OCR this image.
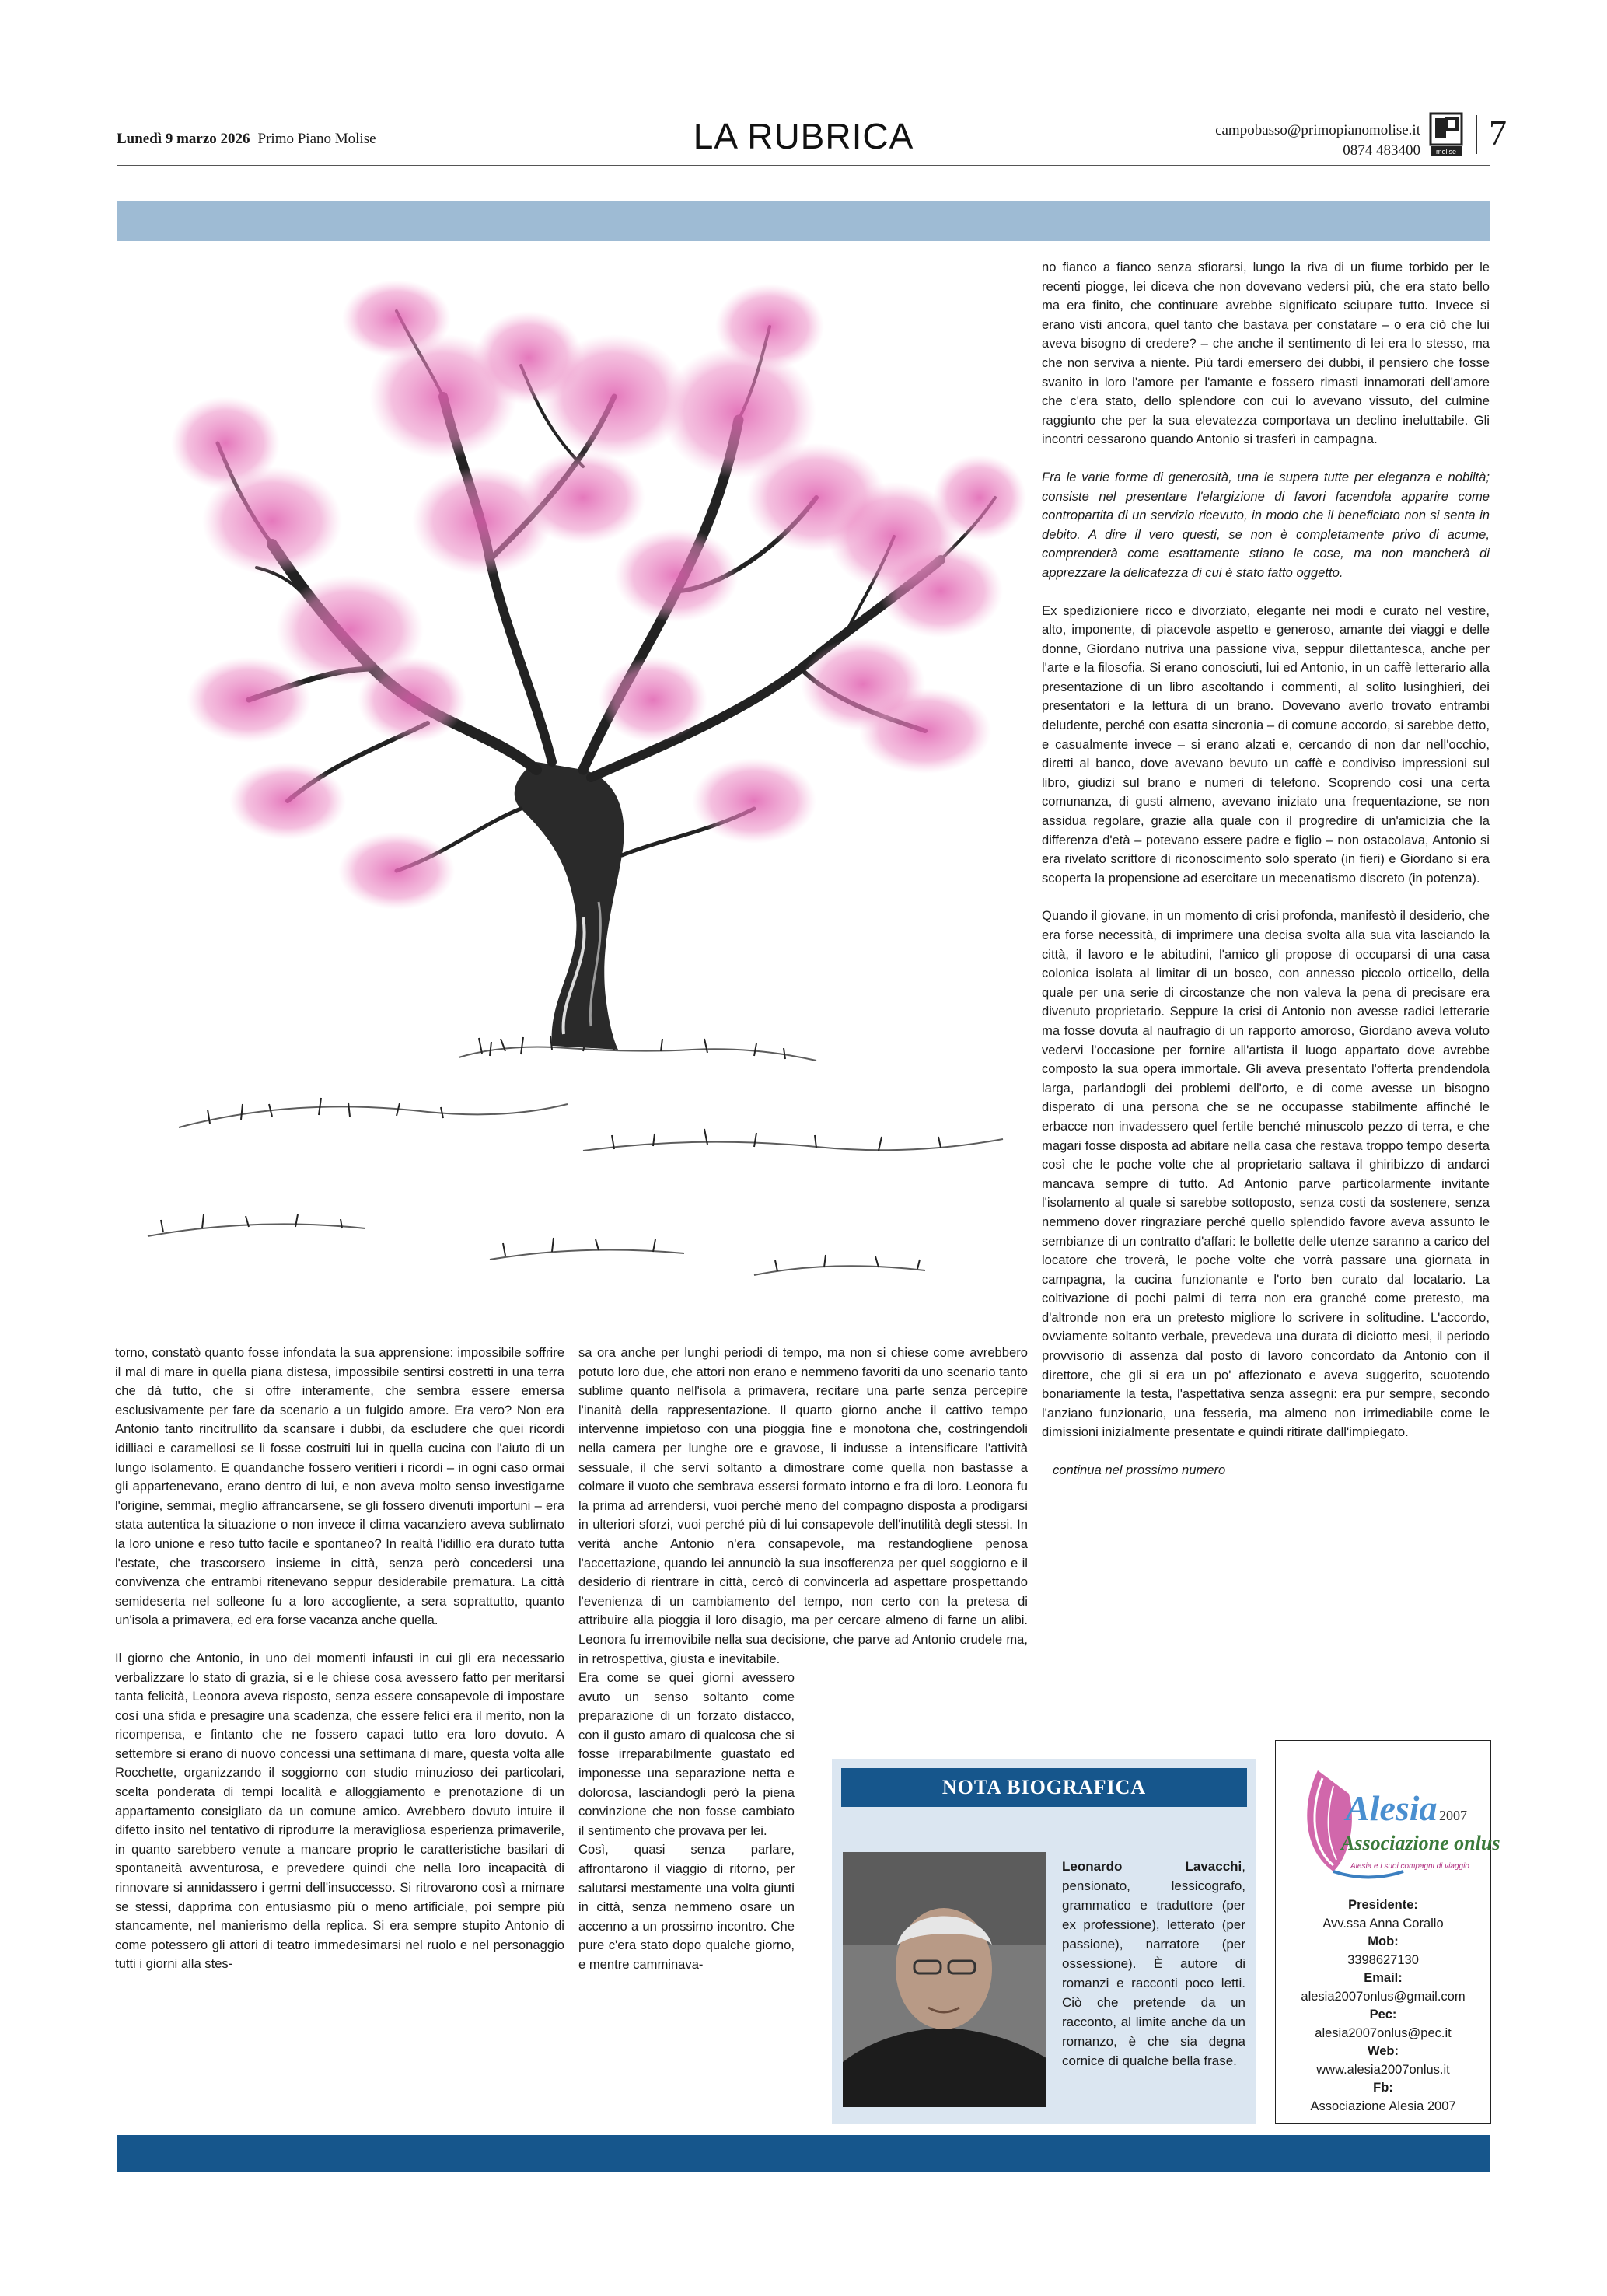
Lunedì 9 marzo 2026 Primo Piano Molise	LA RUBRICA	campobasso@primopianomolise.it
0874 483400 molise 7

no fianco a fianco senza sfiorarsi, lungo la riva di un fiume torbido per le recenti piogge, lei diceva che non dovevano vedersi più, che era stato bello ma era finito, che continuare avrebbe significato sciupare tutto. Invece si erano visti ancora, quel tanto che bastava per constatare – o era ciò che lui aveva bisogno di credere? – che anche il sentimento di lei era lo stesso, ma che non serviva a niente. Più tardi emersero dei dubbi, il pensiero che fosse svanito in loro l'amore per l'amante e fossero rimasti innamorati dell'amore che c'era stato, dello splendore con cui lo avevano vissuto, del culmine raggiunto che per la sua elevatezza comportava un declino ineluttabile. Gli incontri cessarono quando Antonio si trasferì in campagna.

Fra le varie forme di generosità, una le supera tutte per eleganza e nobiltà; consiste nel presentare l'elargizione di favori facendola apparire come contropartita di un servizio ricevuto, in modo che il beneficiato non si senta in debito. A dire il vero questi, se non è completamente privo di acume, comprenderà come esattamente stiano le cose, ma non mancherà di apprezzare la delicatezza di cui è stato fatto oggetto.

Ex spedizioniere ricco e divorziato, elegante nei modi e curato nel vestire, alto, imponente, di piacevole aspetto e generoso, amante dei viaggi e delle donne, Giordano nutriva una passione viva, seppur dilettantesca, anche per l'arte e la filosofia. Si erano conosciuti, lui ed Antonio, in un caffè letterario alla presentazione di un libro ascoltando i commenti, al solito lusinghieri, dei presentatori e la lettura di un brano. Dovevano averlo trovato entrambi deludente, perché con esatta sincronia – di comune accordo, si sarebbe detto, e casualmente invece – si erano alzati e, cercando di non dar nell'occhio, diretti al banco, dove avevano bevuto un caffè e condiviso impressioni sul libro, giudizi sul brano e numeri di telefono. Scoprendo così una certa comunanza, di gusti almeno, avevano iniziato una frequentazione, se non assidua regolare, grazie alla quale con il progredire di un'amicizia che la differenza d'età – potevano essere padre e figlio – non ostacolava, Antonio si era rivelato scrittore di riconoscimento solo sperato (in fieri) e Giordano si era scoperta la propensione ad esercitare un mecenatismo discreto (in potenza).

Quando il giovane, in un momento di crisi profonda, manifestò il desiderio, che era forse necessità, di imprimere una decisa svolta alla sua vita lasciando la città, il lavoro e le abitudini, l'amico gli propose di occuparsi di una casa colonica isolata al limitar di un bosco, con annesso piccolo orticello, della quale per una serie di circostanze che non valeva la pena di precisare era divenuto proprietario. Seppure la crisi di Antonio non avesse radici letterarie ma fosse dovuta al naufragio di un rapporto amoroso, Giordano aveva voluto vedervi l'occasione per fornire all'artista il luogo appartato dove avrebbe composto la sua opera immortale. Gli aveva presentato l'offerta prendendola larga, parlandogli dei problemi dell'orto, e di come avesse un bisogno disperato di una persona che se ne occupasse stabilmente affinché le erbacce non invadessero quel fertile benché minuscolo pezzo di terra, e che magari fosse disposta ad abitare nella casa che restava troppo tempo deserta così che le poche volte che al proprietario saltava il ghiribizzo di andarci mancava sempre di tutto. Ad Antonio parve particolarmente invitante l'isolamento al quale si sarebbe sottoposto, senza costi da sostenere, senza nemmeno dover ringraziare perché quello splendido favore aveva assunto le sembianze di un contratto d'affari: le bollette delle utenze saranno a carico del locatore che troverà, le poche volte che vorrà passare una giornata in campagna, la cucina funzionante e l'orto ben curato dal locatario. La coltivazione di pochi palmi di terra non era granché come pretesto, ma d'altronde non era un pretesto migliore lo scrivere in solitudine. L'accordo, ovviamente soltanto verbale, prevedeva una durata di diciotto mesi, il periodo provvisorio di assenza dal posto di lavoro concordato da Antonio con il direttore, che gli si era un po' affezionato e aveva suggerito, scuotendo bonariamente la testa, l'aspettativa senza assegni: era pur sempre, secondo l'anziano funzionario, una fesseria, ma almeno non irrimediabile come le dimissioni inizialmente presentate e quindi ritirate dall'impiegato.

continua nel prossimo numero

torno, constatò quanto fosse infondata la sua apprensione: impossibile soffrire il mal di mare in quella piana distesa, impossibile sentirsi costretti in una terra che dà tutto, che si offre interamente, che sembra essere emersa esclusivamente per fare da scenario a un fulgido amore. Era vero? Non era Antonio tanto rincitrullito da scansare i dubbi, da escludere che quei ricordi idilliaci e caramellosi se li fosse costruiti lui in quella cucina con l'aiuto di un lungo isolamento. E quandanche fossero veritieri i ricordi – in ogni caso ormai gli appartenevano, erano dentro di lui, e non aveva molto senso investigarne l'origine, semmai, meglio affrancarsene, se gli fossero divenuti importuni – era stata autentica la situazione o non invece il clima vacanziero aveva sublimato la loro unione e reso tutto facile e spontaneo? In realtà l'idillio era durato tutta l'estate, che trascorsero insieme in città, senza però concedersi una convivenza che entrambi ritenevano seppur desiderabile prematura. La città semideserta nel solleone fu a loro accogliente, a sera soprattutto, quanto un'isola a primavera, ed era forse vacanza anche quella.

Il giorno che Antonio, in uno dei momenti infausti in cui gli era necessario verbalizzare lo stato di grazia, si e le chiese cosa avessero fatto per meritarsi tanta felicità, Leonora aveva risposto, senza essere consapevole di impostare così una sfida e presagire una scadenza, che essere felici era il merito, non la ricompensa, e fintanto che ne fossero capaci tutto era loro dovuto. A settembre si erano di nuovo concessi una settimana di mare, questa volta alle Rocchette, organizzando il soggiorno con studio minuzioso dei particolari, scelta ponderata di tempi località e alloggiamento e prenotazione di un appartamento consigliato da un comune amico. Avrebbero dovuto intuire il difetto insito nel tentativo di riprodurre la meravigliosa esperienza primaverile, in quanto sarebbero venute a mancare proprio le caratteristiche basilari di spontaneità avventurosa, e prevedere quindi che nella loro incapacità di rinnovare si annidassero i germi dell'insuccesso. Si ritrovarono così a mimare se stessi, dapprima con entusiasmo più o meno artificiale, poi sempre più stancamente, nel manierismo della replica. Si era sempre stupito Antonio di come potessero gli attori di teatro immedesimarsi nel ruolo e nel personaggio tutti i giorni alla stes-

sa ora anche per lunghi periodi di tempo, ma non si chiese come avrebbero potuto loro due, che attori non erano e nemmeno favoriti da uno scenario tanto sublime quanto nell'isola a primavera, recitare una parte senza percepire l'inanità della rappresentazione. Il quarto giorno anche il cattivo tempo intervenne impietoso con una pioggia fine e monotona che, costringendoli nella camera per lunghe ore e gravose, li indusse a intensificare l'attività sessuale, il che servì soltanto a dimostrare come quella non bastasse a colmare il vuoto che sembrava essersi formato intorno e fra di loro. Leonora fu la prima ad arrendersi, vuoi perché meno del compagno disposta a prodigarsi in ulteriori sforzi, vuoi perché più di lui consapevole dell'inutilità degli stessi. In verità anche Antonio n'era consapevole, ma restandogliene penosa l'accettazione, quando lei annunciò la sua insofferenza per quel soggiorno e il desiderio di rientrare in città, cercò di convincerla ad aspettare prospettando l'evenienza di un cambiamento del tempo, non certo con la pretesa di attribuire alla pioggia il loro disagio, ma per cercare almeno di farne un alibi. Leonora fu irremovibile nella sua decisione, che parve ad Antonio crudele ma, in retrospettiva, giusta e inevitabile.

Era come se quei giorni avessero avuto un senso soltanto come preparazione di un forzato distacco, con il gusto amaro di qualcosa che si fosse irreparabilmente guastato ed imponesse una separazione netta e dolorosa, lasciandogli però la piena convinzione che non fosse cambiato il sentimento che provava per lei.
Così, quasi senza parlare, affrontarono il viaggio di ritorno, per salutarsi mestamente una volta giunti in città, senza nemmeno osare un accenno a un prossimo incontro. Che pure c'era stato dopo qualche giorno, e mentre camminava-
NOTA BIOGRAFICA
Leonardo Lavacchi, pensionato, lessicografo, grammatico e traduttore (per ex professione), letterato (per passione), narratore (per ossessione). È autore di romanzi e racconti poco letti. Ciò che pretende da un racconto, al limite anche da un romanzo, è che sia degna cornice di qualche bella frase.
Alesia 2007
Associazione onlus
Alesia e i suoi compagni di viaggio
Presidente:
Avv.ssa Anna Corallo
Mob:
3398627130
Email:
alesia2007onlus@gmail.com
Pec:
alesia2007onlus@pec.it
Web:
www.alesia2007onlus.it
Fb:
Associazione Alesia 2007
